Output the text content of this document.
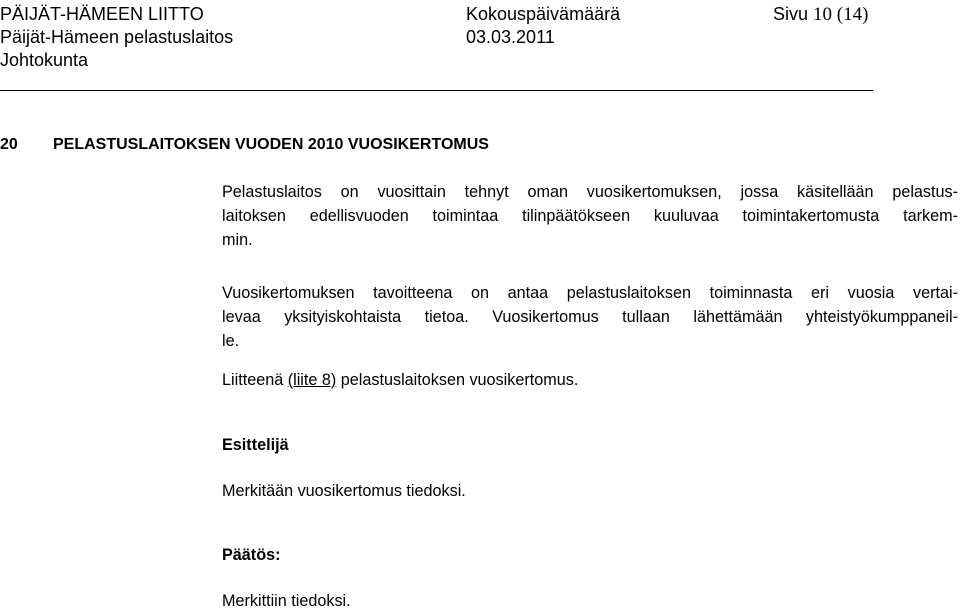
PÄIJÄT-HÄMEEN LIITTO
Päijät-Hämeen pelastuslaitos
Johtokunta
Kokouspäivämäärä
03.03.2011
Sivu 10 (14)
20 PELASTUSLAITOKSEN VUODEN 2010 VUOSIKERTOMUS
Pelastuslaitos on vuosittain tehnyt oman vuosikertomuksen, jossa käsitellään pelastus-
laitoksen edellisvuoden toimintaa tilinpäätökseen kuuluvaa toimintakertomusta tarkem-
min.
Vuosikertomuksen tavoitteena on antaa pelastuslaitoksen toiminnasta eri vuosia vertai-
levaa yksityiskohtaista tietoa. Vuosikertomus tullaan lähettämään yhteistyökumppaneil-
le.
Liitteenä (liite 8) pelastuslaitoksen vuosikertomus.
Esittelijä
Merkitään vuosikertomus tiedoksi.
Päätös:
Merkittiin tiedoksi.
